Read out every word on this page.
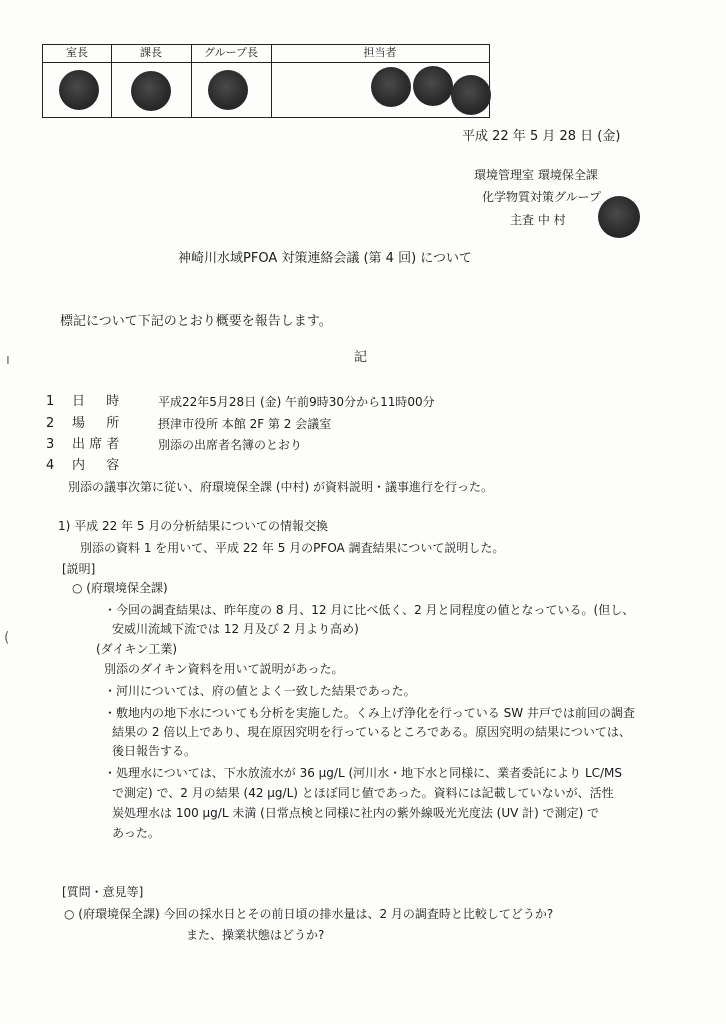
室長	課長	グループ長	担当者
平成 22 年 5 月 28 日 (金)
環境管理室 環境保全課
化学物質対策グループ
主査 中 村
神崎川水域PFOA 対策連絡会議 (第 4 回) について
標記について下記のとおり概要を報告します。
記
1 日 　 時	平成22年5月28日 (金) 午前9時30分から11時00分
2 場 　 所	摂津市役所 本館 2F 第 2 会議室
3 出 席 者	別添の出席者名簿のとおり
4 内 　 容
別添の議事次第に従い、府環境保全課 (中村) が資料説明・議事進行を行った。
1) 平成 22 年 5 月の分析結果についての情報交換
別添の資料 1 を用いて、平成 22 年 5 月のPFOA 調査結果について説明した。
[説明]
○ (府環境保全課)
・今回の調査結果は、昨年度の 8 月、12 月に比べ低く、2 月と同程度の値となっている。(但し、
安威川流域下流では 12 月及び 2 月より高め)
(ダイキン工業)
別添のダイキン資料を用いて説明があった。
・河川については、府の値とよく一致した結果であった。
・敷地内の地下水についても分析を実施した。くみ上げ浄化を行っている SW 井戸では前回の調査
結果の 2 倍以上であり、現在原因究明を行っているところである。原因究明の結果については、
後日報告する。
・処理水については、下水放流水が 36 μg/L (河川水・地下水と同様に、業者委託により LC/MS
で測定) で、2 月の結果 (42 μg/L) とほぼ同じ値であった。資料には記載していないが、活性
炭処理水は 100 μg/L 未満 (日常点検と同様に社内の紫外線吸光光度法 (UV 計) で測定) で
あった。
[質問・意見等]
○ (府環境保全課) 今回の採水日とその前日頃の排水量は、2 月の調査時と比較してどうか?
また、操業状態はどうか?
ı
(
